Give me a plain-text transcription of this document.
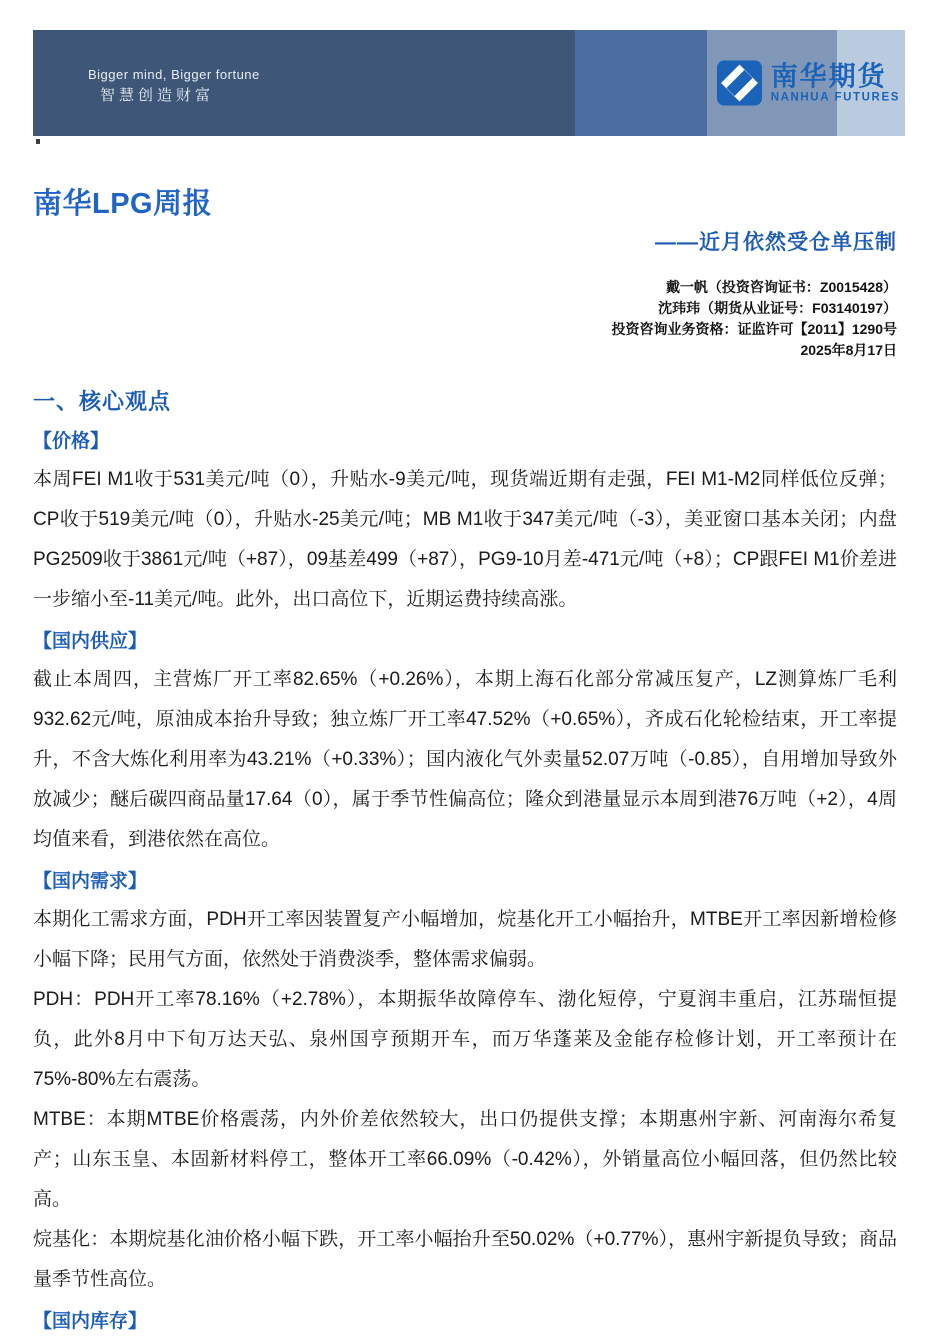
Bigger mind, Bigger fortune
智慧创造财富
南华期货
NANHUA FUTURES
南华LPG周报
——近月依然受仓单压制
戴一帆（投资咨询证书：Z0015428）
沈玮玮（期货从业证号：F03140197）
投资咨询业务资格：证监许可【2011】1290号
2025年8月17日
一、核心观点
【价格】

本周FEI M1收于531美元/吨（0），升贴水-9美元/吨，现货端近期有走强，FEI M1-M2同样低位反弹；CP收于519美元/吨（0），升贴水-25美元/吨；MB M1收于347美元/吨（-3），美亚窗口基本关闭；内盘PG2509收于3861元/吨（+87），09基差499（+87），PG9-10月差-471元/吨（+8）；CP跟FEI M1价差进一步缩小至-11美元/吨。此外，出口高位下，近期运费持续高涨。

【国内供应】

截止本周四，主营炼厂开工率82.65%（+0.26%），本期上海石化部分常减压复产，LZ测算炼厂毛利932.62元/吨，原油成本抬升导致；独立炼厂开工率47.52%（+0.65%），齐成石化轮检结束，开工率提升，不含大炼化利用率为43.21%（+0.33%）；国内液化气外卖量52.07万吨（-0.85），自用增加导致外放减少；醚后碳四商品量17.64（0），属于季节性偏高位；隆众到港量显示本周到港76万吨（+2），4周均值来看，到港依然在高位。

【国内需求】

本期化工需求方面，PDH开工率因装置复产小幅增加，烷基化开工小幅抬升，MTBE开工率因新增检修小幅下降；民用气方面，依然处于消费淡季，整体需求偏弱。

PDH：PDH开工率78.16%（+2.78%），本期振华故障停车、渤化短停，宁夏润丰重启，江苏瑞恒提负，此外8月中下旬万达天弘、泉州国亨预期开车，而万华蓬莱及金能存检修计划，开工率预计在75%-80%左右震荡。

MTBE：本期MTBE价格震荡，内外价差依然较大，出口仍提供支撑；本期惠州宇新、河南海尔希复产；山东玉皇、本固新材料停工，整体开工率66.09%（-0.42%），外销量高位小幅回落，但仍然比较高。

烷基化：本期烷基化油价格小幅下跌，开工率小幅抬升至50.02%（+0.77%），惠州宇新提负导致；商品量季节性高位。

【国内库存】
